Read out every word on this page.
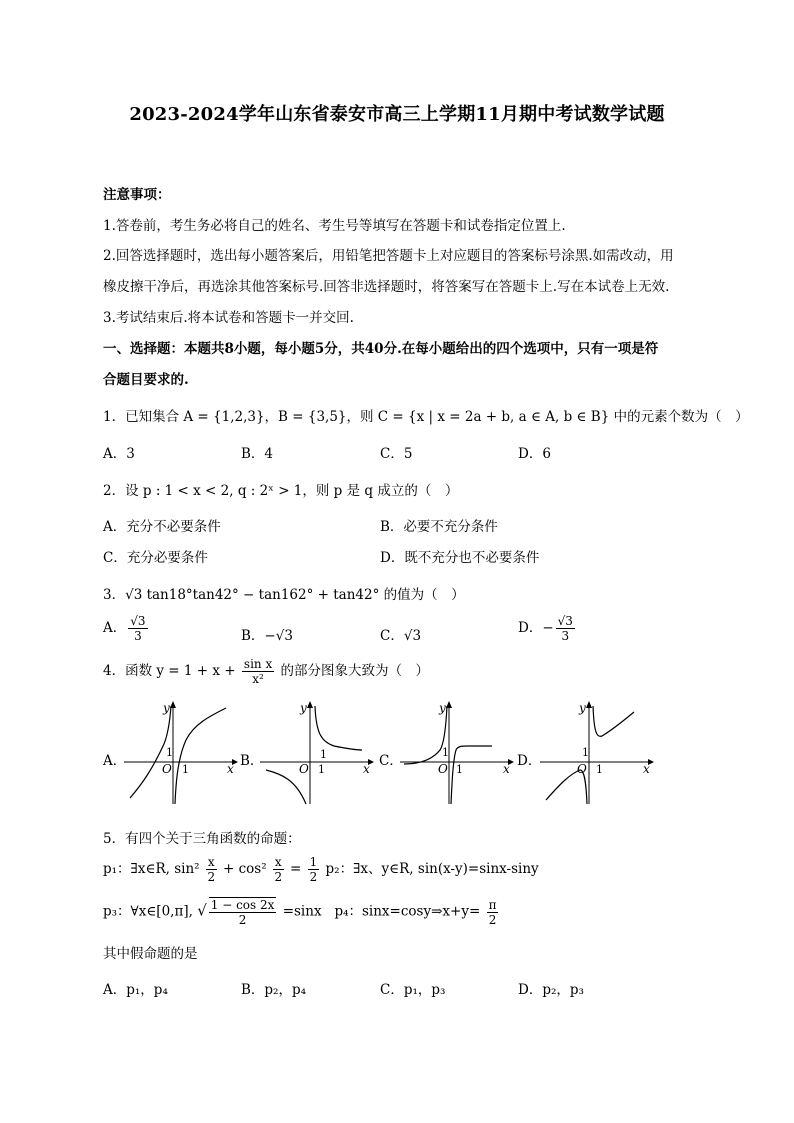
2023-2024学年山东省泰安市高三上学期11月期中考试数学试题
注意事项：
1.答卷前，考生务必将自己的姓名、考生号等填写在答题卡和试卷指定位置上.
2.回答选择题时，选出每小题答案后，用铅笔把答题卡上对应题目的答案标号涂黑.如需改动，用
橡皮擦干净后，再选涂其他答案标号.回答非选择题时，将答案写在答题卡上.写在本试卷上无效.
3.考试结束后.将本试卷和答题卡一并交回.
一、选择题：本题共8小题，每小题5分，共40分.在每小题给出的四个选项中，只有一项是符
合题目要求的.
1．已知集合 A = {1,2,3}，B = {3,5}，则 C = {x | x = 2a + b, a ∈ A, b ∈ B} 中的元素个数为（　）
A．3	B．4	C．5	D．6
2．设 p : 1 < x < 2, q : 2ˣ > 1，则 p 是 q 成立的（　）
A．充分不必要条件	B．必要不充分条件
C．充分必要条件	D．既不充分也不必要条件
3．√3 tan18°tan42° − tan162° + tan42° 的值为（　）
A． $\frac{√3}{3}$	B．−√3	C．√3	D．− $\frac{√3}{3}$
4．函数 $y = 1 + x + \frac{\text{sin x}}{\text{x²}}$ 的部分图象大致为（　）
A．	B．	C．	D．
1
O 1	x
y
1
O 1	x
y
1
O 1	x
y
1
O 1	x
y
5．有四个关于三角函数的命题：
p₁：∃x∈R, $\sin^2 \frac{x}{2} + \cos^2 \frac{x}{2} = \frac{1}{2} p_2$：∃x、y∈R, sin(x-y)=sinx-siny
p₃：∀x∈[0,π], √ $\frac{1 - \cos 2x}{2} =\sin x$ p₄：sinx=cosy⇒x+y= $\frac{\pi}{2}$
其中假命题的是
A．p₁，p₄	B．p₂，p₄	C．p₁，p₃	D．p₂，p₃
